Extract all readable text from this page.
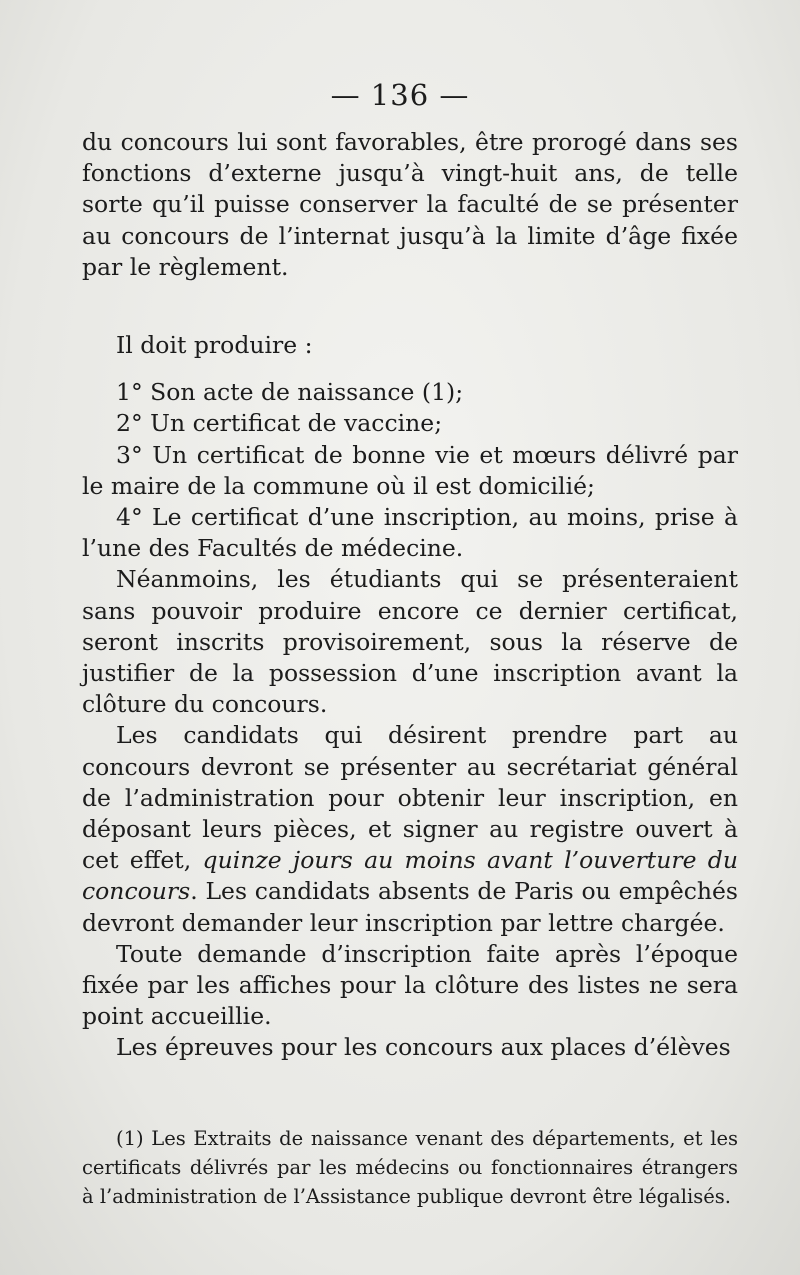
— 136 —

du concours lui sont favorables, être prorogé dans ses fonctions d’externe jusqu’à vingt-huit ans, de telle sorte qu’il puisse conserver la faculté de se présenter au concours de l’internat jusqu’à la limite d’âge fixée par le règlement.

Il doit produire :

1° Son acte de naissance (1);

2° Un certificat de vaccine;

3° Un certificat de bonne vie et mœurs délivré par le maire de la commune où il est domicilié;

4° Le certificat d’une inscription, au moins, prise à l’une des Facultés de médecine.

Néanmoins, les étudiants qui se présenteraient sans pouvoir produire encore ce dernier certificat, seront inscrits provisoirement, sous la réserve de justifier de la possession d’une inscription avant la clôture du concours.

Les candidats qui désirent prendre part au concours devront se présenter au secrétariat général de l’administration pour obtenir leur inscription, en déposant leurs pièces, et signer au registre ouvert à cet effet, quinze jours au moins avant l’ouverture du concours. Les candidats absents de Paris ou empêchés devront demander leur inscription par lettre chargée.

Toute demande d’inscription faite après l’époque fixée par les affiches pour la clôture des listes ne sera point accueillie.

Les épreuves pour les concours aux places d’élèves

(1) Les Extraits de naissance venant des départements, et les certificats délivrés par les médecins ou fonctionnaires étrangers à l’administration de l’Assistance publique devront être légalisés.
